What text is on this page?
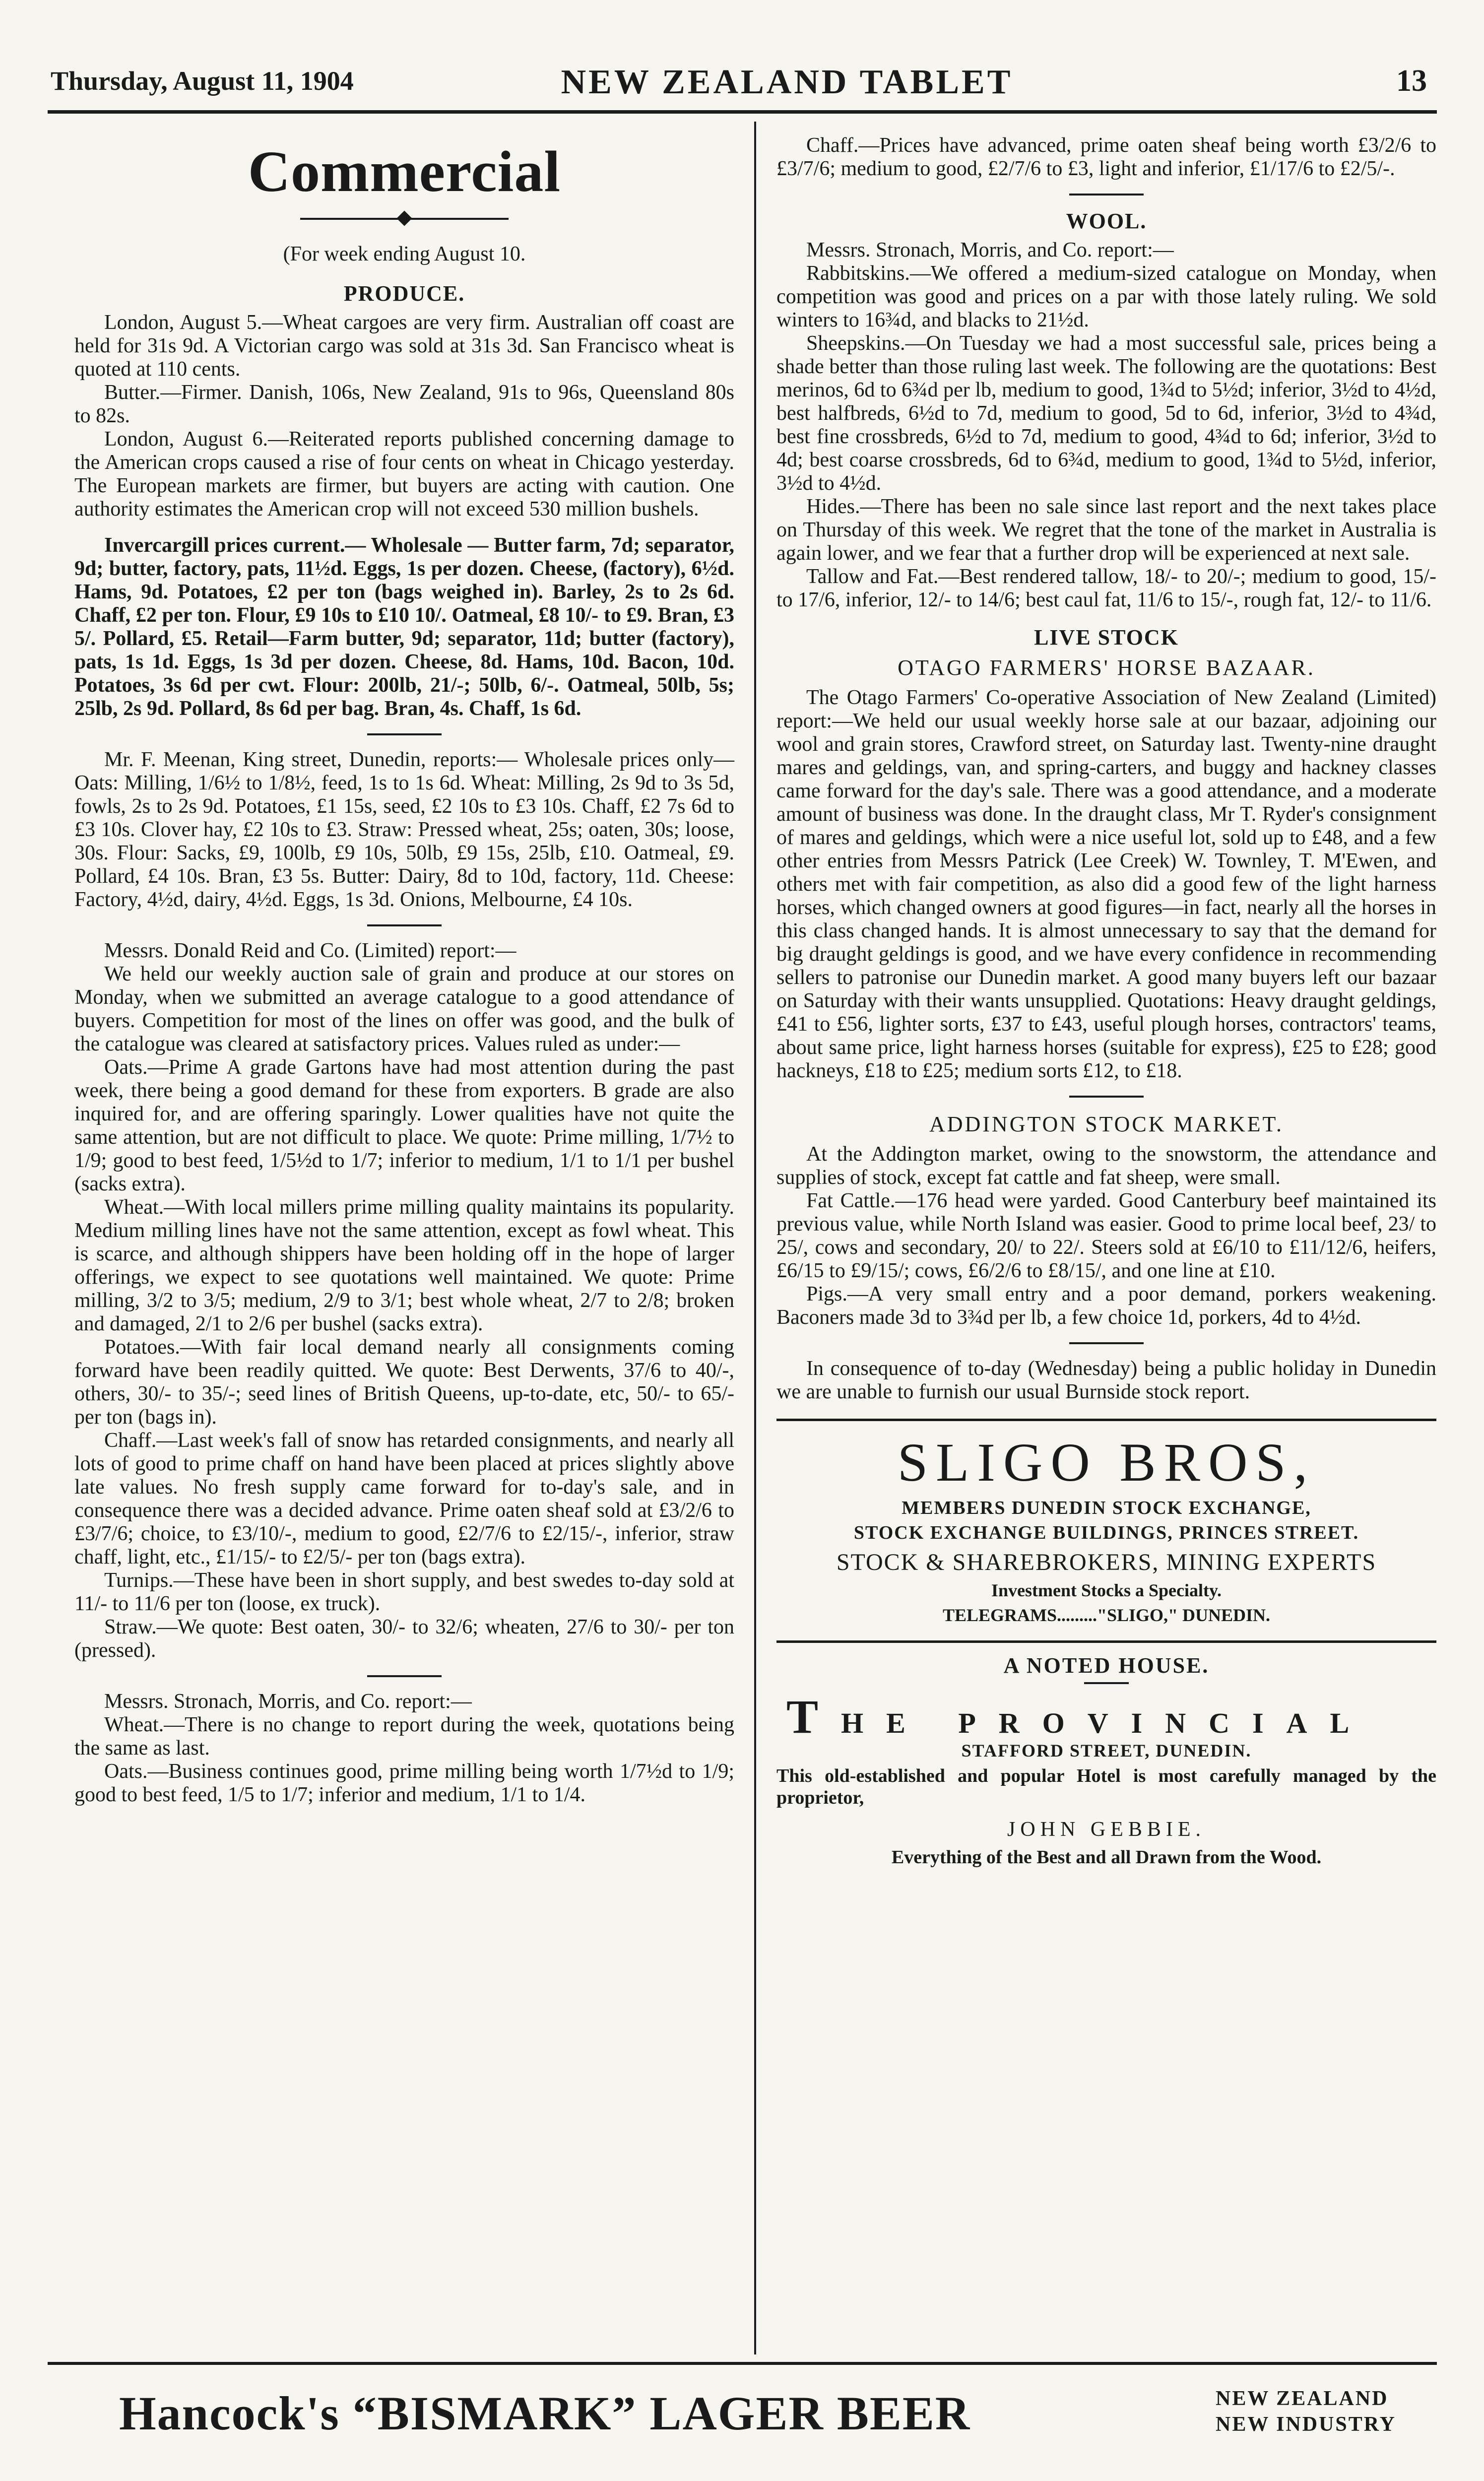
Thursday, August 11, 1904	NEW ZEALAND TABLET	13
Commercial
(For week ending August 10.
PRODUCE.

London, August 5.—Wheat cargoes are very firm. Australian off coast are held for 31s 9d. A Victorian cargo was sold at 31s 3d. San Francisco wheat is quoted at 110 cents.

Butter.—Firmer. Danish, 106s, New Zealand, 91s to 96s, Queensland 80s to 82s.

London, August 6.—Reiterated reports published concerning damage to the American crops caused a rise of four cents on wheat in Chicago yesterday. The European markets are firmer, but buyers are acting with caution. One authority estimates the American crop will not exceed 530 million bushels.

Invercargill prices current.— Wholesale — Butter farm, 7d; separator, 9d; butter, factory, pats, 11½d. Eggs, 1s per dozen. Cheese, (factory), 6½d. Hams, 9d. Potatoes, £2 per ton (bags weighed in). Barley, 2s to 2s 6d. Chaff, £2 per ton. Flour, £9 10s to £10 10/. Oatmeal, £8 10/- to £9. Bran, £3 5/. Pollard, £5. Retail—Farm butter, 9d; separator, 11d; butter (factory), pats, 1s 1d. Eggs, 1s 3d per dozen. Cheese, 8d. Hams, 10d. Bacon, 10d. Potatoes, 3s 6d per cwt. Flour: 200lb, 21/-; 50lb, 6/-. Oatmeal, 50lb, 5s; 25lb, 2s 9d. Pollard, 8s 6d per bag. Bran, 4s. Chaff, 1s 6d.

Mr. F. Meenan, King street, Dunedin, reports:— Wholesale prices only—Oats: Milling, 1/6½ to 1/8½, feed, 1s to 1s 6d. Wheat: Milling, 2s 9d to 3s 5d, fowls, 2s to 2s 9d. Potatoes, £1 15s, seed, £2 10s to £3 10s. Chaff, £2 7s 6d to £3 10s. Clover hay, £2 10s to £3. Straw: Pressed wheat, 25s; oaten, 30s; loose, 30s. Flour: Sacks, £9, 100lb, £9 10s, 50lb, £9 15s, 25lb, £10. Oatmeal, £9. Pollard, £4 10s. Bran, £3 5s. Butter: Dairy, 8d to 10d, factory, 11d. Cheese: Factory, 4½d, dairy, 4½d. Eggs, 1s 3d. Onions, Melbourne, £4 10s.

Messrs. Donald Reid and Co. (Limited) report:—

We held our weekly auction sale of grain and produce at our stores on Monday, when we submitted an average catalogue to a good attendance of buyers. Competition for most of the lines on offer was good, and the bulk of the catalogue was cleared at satisfactory prices. Values ruled as under:—

Oats.—Prime A grade Gartons have had most attention during the past week, there being a good demand for these from exporters. B grade are also inquired for, and are offering sparingly. Lower qualities have not quite the same attention, but are not difficult to place. We quote: Prime milling, 1/7½ to 1/9; good to best feed, 1/5½d to 1/7; inferior to medium, 1/1 to 1/1 per bushel (sacks extra).

Wheat.—With local millers prime milling quality maintains its popularity. Medium milling lines have not the same attention, except as fowl wheat. This is scarce, and although shippers have been holding off in the hope of larger offerings, we expect to see quotations well maintained. We quote: Prime milling, 3/2 to 3/5; medium, 2/9 to 3/1; best whole wheat, 2/7 to 2/8; broken and damaged, 2/1 to 2/6 per bushel (sacks extra).

Potatoes.—With fair local demand nearly all consignments coming forward have been readily quitted. We quote: Best Derwents, 37/6 to 40/-, others, 30/- to 35/-; seed lines of British Queens, up-to-date, etc, 50/- to 65/- per ton (bags in).

Chaff.—Last week's fall of snow has retarded consignments, and nearly all lots of good to prime chaff on hand have been placed at prices slightly above late values. No fresh supply came forward for to-day's sale, and in consequence there was a decided advance. Prime oaten sheaf sold at £3/2/6 to £3/7/6; choice, to £3/10/-, medium to good, £2/7/6 to £2/15/-, inferior, straw chaff, light, etc., £1/15/- to £2/5/- per ton (bags extra).

Turnips.—These have been in short supply, and best swedes to-day sold at 11/- to 11/6 per ton (loose, ex truck).

Straw.—We quote: Best oaten, 30/- to 32/6; wheaten, 27/6 to 30/- per ton (pressed).

Messrs. Stronach, Morris, and Co. report:—

Wheat.—There is no change to report during the week, quotations being the same as last.

Oats.—Business continues good, prime milling being worth 1/7½d to 1/9; good to best feed, 1/5 to 1/7; inferior and medium, 1/1 to 1/4.

Chaff.—Prices have advanced, prime oaten sheaf being worth £3/2/6 to £3/7/6; medium to good, £2/7/6 to £3, light and inferior, £1/17/6 to £2/5/-.

WOOL.

Messrs. Stronach, Morris, and Co. report:—

Rabbitskins.—We offered a medium-sized catalogue on Monday, when competition was good and prices on a par with those lately ruling. We sold winters to 16¾d, and blacks to 21½d.

Sheepskins.—On Tuesday we had a most successful sale, prices being a shade better than those ruling last week. The following are the quotations: Best merinos, 6d to 6¾d per lb, medium to good, 1¾d to 5½d; inferior, 3½d to 4½d, best halfbreds, 6½d to 7d, medium to good, 5d to 6d, inferior, 3½d to 4¾d, best fine crossbreds, 6½d to 7d, medium to good, 4¾d to 6d; inferior, 3½d to 4d; best coarse crossbreds, 6d to 6¾d, medium to good, 1¾d to 5½d, inferior, 3½d to 4½d.

Hides.—There has been no sale since last report and the next takes place on Thursday of this week. We regret that the tone of the market in Australia is again lower, and we fear that a further drop will be experienced at next sale.

Tallow and Fat.—Best rendered tallow, 18/- to 20/-; medium to good, 15/- to 17/6, inferior, 12/- to 14/6; best caul fat, 11/6 to 15/-, rough fat, 12/- to 11/6.

LIVE STOCK
OTAGO FARMERS' HORSE BAZAAR.

The Otago Farmers' Co-operative Association of New Zealand (Limited) report:—We held our usual weekly horse sale at our bazaar, adjoining our wool and grain stores, Crawford street, on Saturday last. Twenty-nine draught mares and geldings, van, and spring-carters, and buggy and hackney classes came forward for the day's sale. There was a good attendance, and a moderate amount of business was done. In the draught class, Mr T. Ryder's consignment of mares and geldings, which were a nice useful lot, sold up to £48, and a few other entries from Messrs Patrick (Lee Creek) W. Townley, T. M'Ewen, and others met with fair competition, as also did a good few of the light harness horses, which changed owners at good figures—in fact, nearly all the horses in this class changed hands. It is almost unnecessary to say that the demand for big draught geldings is good, and we have every confidence in recommending sellers to patronise our Dunedin market. A good many buyers left our bazaar on Saturday with their wants unsupplied. Quotations: Heavy draught geldings, £41 to £56, lighter sorts, £37 to £43, useful plough horses, contractors' teams, about same price, light harness horses (suitable for express), £25 to £28; good hackneys, £18 to £25; medium sorts £12, to £18.

ADDINGTON STOCK MARKET.

At the Addington market, owing to the snowstorm, the attendance and supplies of stock, except fat cattle and fat sheep, were small.

Fat Cattle.—176 head were yarded. Good Canterbury beef maintained its previous value, while North Island was easier. Good to prime local beef, 23/ to 25/, cows and secondary, 20/ to 22/. Steers sold at £6/10 to £11/12/6, heifers, £6/15 to £9/15/; cows, £6/2/6 to £8/15/, and one line at £10.

Pigs.—A very small entry and a poor demand, porkers weakening. Baconers made 3d to 3¾d per lb, a few choice 1d, porkers, 4d to 4½d.

In consequence of to-day (Wednesday) being a public holiday in Dunedin we are unable to furnish our usual Burnside stock report.

SLIGO BROS,
MEMBERS DUNEDIN STOCK EXCHANGE,
STOCK EXCHANGE BUILDINGS, PRINCES STREET.
STOCK & SHAREBROKERS, MINING EXPERTS
Investment Stocks a Specialty.
TELEGRAMS........."SLIGO," DUNEDIN.
A NOTED HOUSE.
THE PROVINCIAL
STAFFORD STREET, DUNEDIN.
This old-established and popular Hotel is most carefully managed by the proprietor,
JOHN GEBBIE.
Everything of the Best and all Drawn from the Wood.
Hancock's “BISMARK” LAGER BEER	NEW ZEALAND
NEW INDUSTRY
